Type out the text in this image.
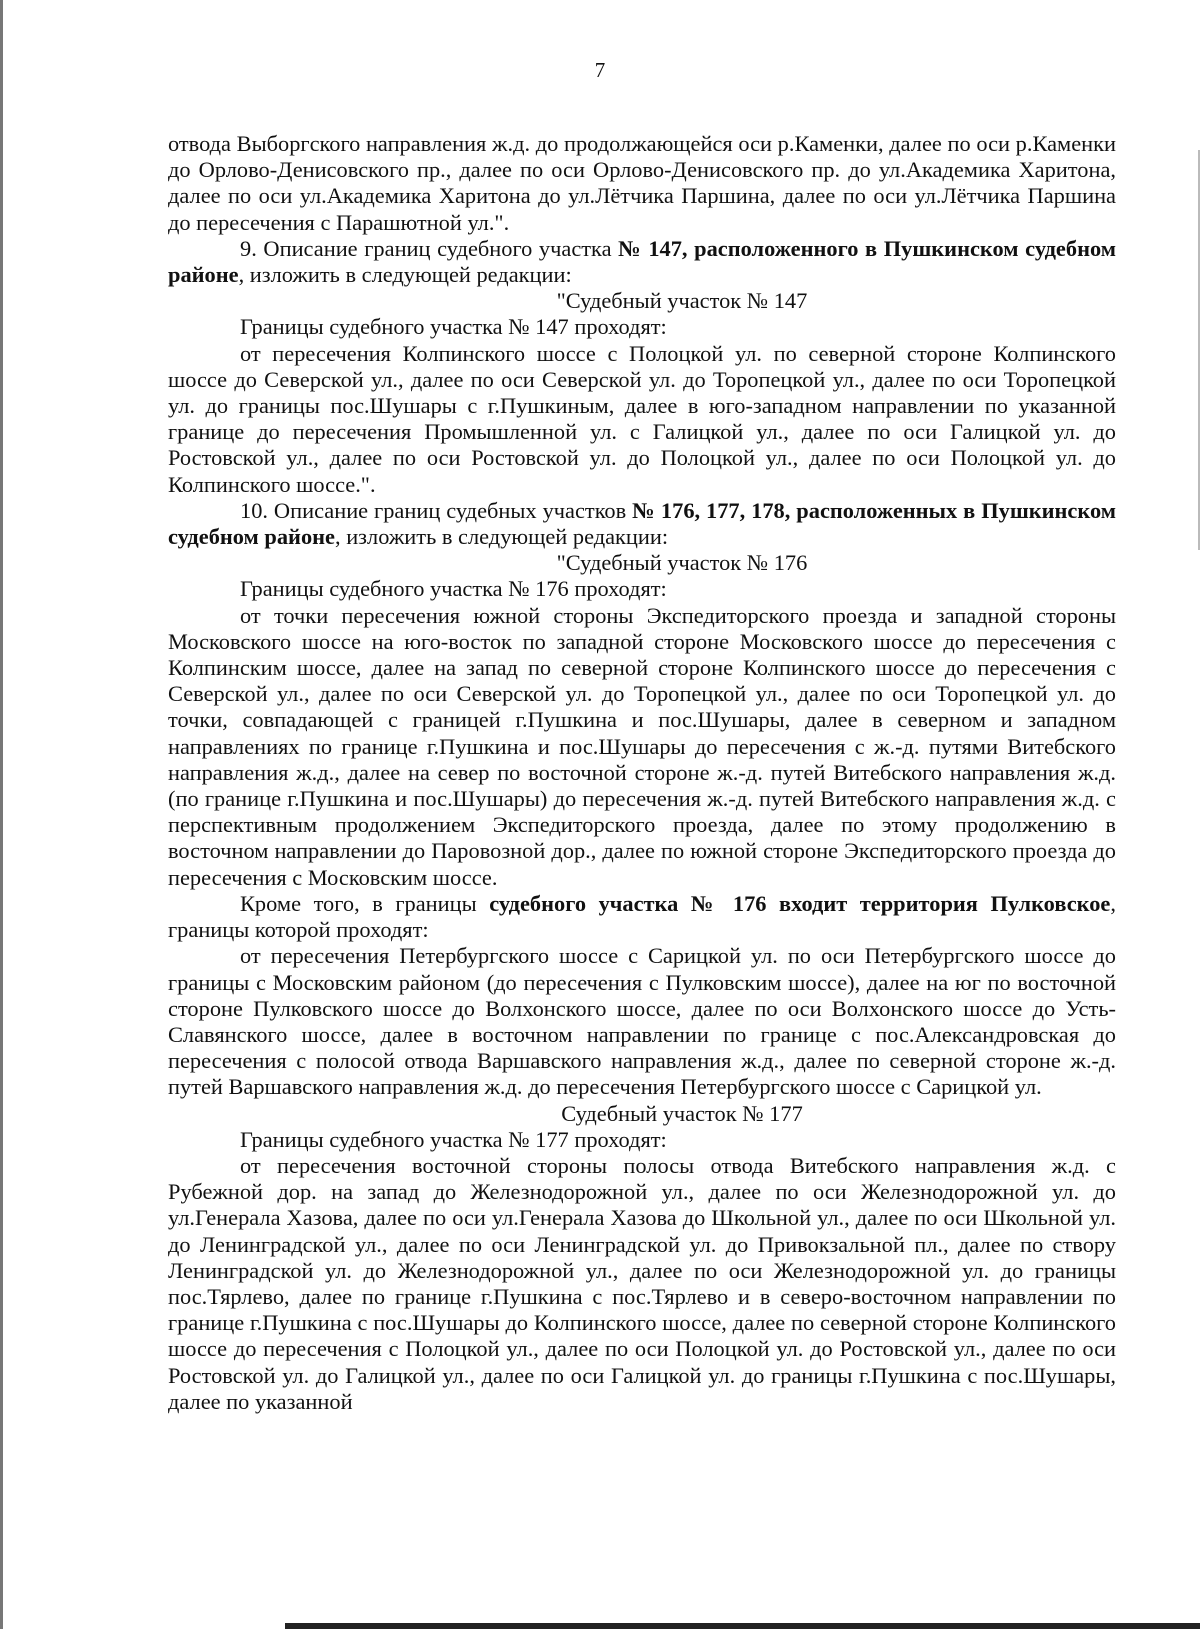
7

отвода Выборгского направления ж.д. до продолжающейся оси р.Каменки, далее по оси р.Каменки до Орлово-Денисовского пр., далее по оси Орлово-Денисовского пр. до ул.Академика Харитона, далее по оси ул.Академика Харитона до ул.Лётчика Паршина, далее по оси ул.Лётчика Паршина до пересечения с Парашютной ул.".

9. Описание границ судебного участка № 147, расположенного в Пушкинском судебном районе, изложить в следующей редакции:

"Судебный участок № 147

Границы судебного участка № 147 проходят:

от пересечения Колпинского шоссе с Полоцкой ул. по северной стороне Колпинского шоссе до Северской ул., далее по оси Северской ул. до Торопецкой ул., далее по оси Торопецкой ул. до границы пос.Шушары с г.Пушкиным, далее в юго-западном направлении по указанной границе до пересечения Промышленной ул. с Галицкой ул., далее по оси Галицкой ул. до Ростовской ул., далее по оси Ростовской ул. до Полоцкой ул., далее по оси Полоцкой ул. до Колпинского шоссе.".

10. Описание границ судебных участков № 176, 177, 178, расположенных в Пушкинском судебном районе, изложить в следующей редакции:

"Судебный участок № 176

Границы судебного участка № 176 проходят:

от точки пересечения южной стороны Экспедиторского проезда и западной стороны Московского шоссе на юго-восток по западной стороне Московского шоссе до пересечения с Колпинским шоссе, далее на запад по северной стороне Колпинского шоссе до пересечения с Северской ул., далее по оси Северской ул. до Торопецкой ул., далее по оси Торопецкой ул. до точки, совпадающей с границей г.Пушкина и пос.Шушары, далее в северном и западном направлениях по границе г.Пушкина и пос.Шушары до пересечения с ж.-д. путями Витебского направления ж.д., далее на север по восточной стороне ж.-д. путей Витебского направления ж.д. (по границе г.Пушкина и пос.Шушары) до пересечения ж.-д. путей Витебского направления ж.д. с перспективным продолжением Экспедиторского проезда, далее по этому продолжению в восточном направлении до Паровозной дор., далее по южной стороне Экспедиторского проезда до пересечения с Московским шоссе.

Кроме того, в границы судебного участка № 176 входит территория Пулковское, границы которой проходят:

от пересечения Петербургского шоссе с Сарицкой ул. по оси Петербургского шоссе до границы с Московским районом (до пересечения с Пулковским шоссе), далее на юг по восточной стороне Пулковского шоссе до Волхонского шоссе, далее по оси Волхонского шоссе до Усть-Славянского шоссе, далее в восточном направлении по границе с пос.Александровская до пересечения с полосой отвода Варшавского направления ж.д., далее по северной стороне ж.-д. путей Варшавского направления ж.д. до пересечения Петербургского шоссе с Сарицкой ул.

Судебный участок № 177

Границы судебного участка № 177 проходят:

от пересечения восточной стороны полосы отвода Витебского направления ж.д. с Рубежной дор. на запад до Железнодорожной ул., далее по оси Железнодорожной ул. до ул.Генерала Хазова, далее по оси ул.Генерала Хазова до Школьной ул., далее по оси Школьной ул. до Ленинградской ул., далее по оси Ленинградской ул. до Привокзальной пл., далее по створу Ленинградской ул. до Железнодорожной ул., далее по оси Железнодорожной ул. до границы пос.Тярлево, далее по границе г.Пушкина с пос.Тярлево и в северо-восточном направлении по границе г.Пушкина с пос.Шушары до Колпинского шоссе, далее по северной стороне Колпинского шоссе до пересечения с Полоцкой ул., далее по оси Полоцкой ул. до Ростовской ул., далее по оси Ростовской ул. до Галицкой ул., далее по оси Галицкой ул. до границы г.Пушкина с пос.Шушары, далее по указанной
